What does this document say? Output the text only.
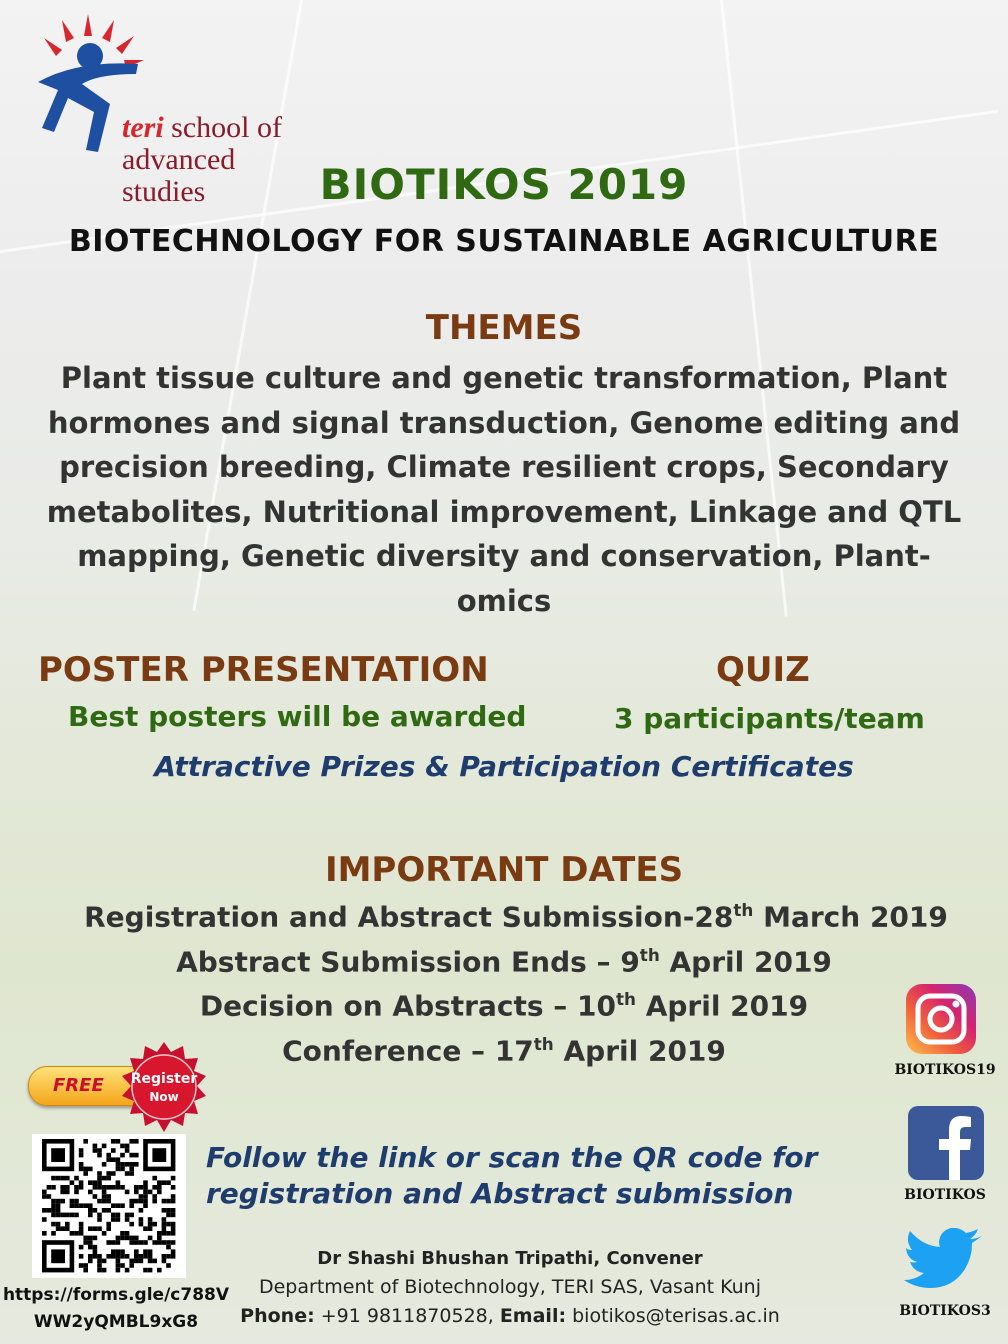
teri school of
advanced studies	BIOTIKOS 2019
BIOTECHNOLOGY FOR SUSTAINABLE AGRICULTURE
THEMES
Plant tissue culture and genetic transformation, Plant hormones and signal transduction, Genome editing and precision breeding, Climate resilient crops, Secondary metabolites, Nutritional improvement, Linkage and QTL mapping, Genetic diversity and conservation, Plant-omics
POSTER PRESENTATION
Best posters will be awarded
QUIZ
3 participants/team
Attractive Prizes & Participation Certificates
IMPORTANT DATES
Registration and Abstract Submission-28th March 2019
Abstract Submission Ends – 9th April 2019
Decision on Abstracts – 10th April 2019
Conference – 17th April 2019
FREE Register
Now
https://forms.gle/c788V
WW2yQMBL9xG8
Follow the link or scan the QR code for
registration and Abstract submission
Dr Shashi Bhushan Tripathi, Convener
Department of Biotechnology, TERI SAS, Vasant Kunj
Phone: +91 9811870528, Email: biotikos@terisas.ac.in
BIOTIKOS19
BIOTIKOS
BIOTIKOS3
